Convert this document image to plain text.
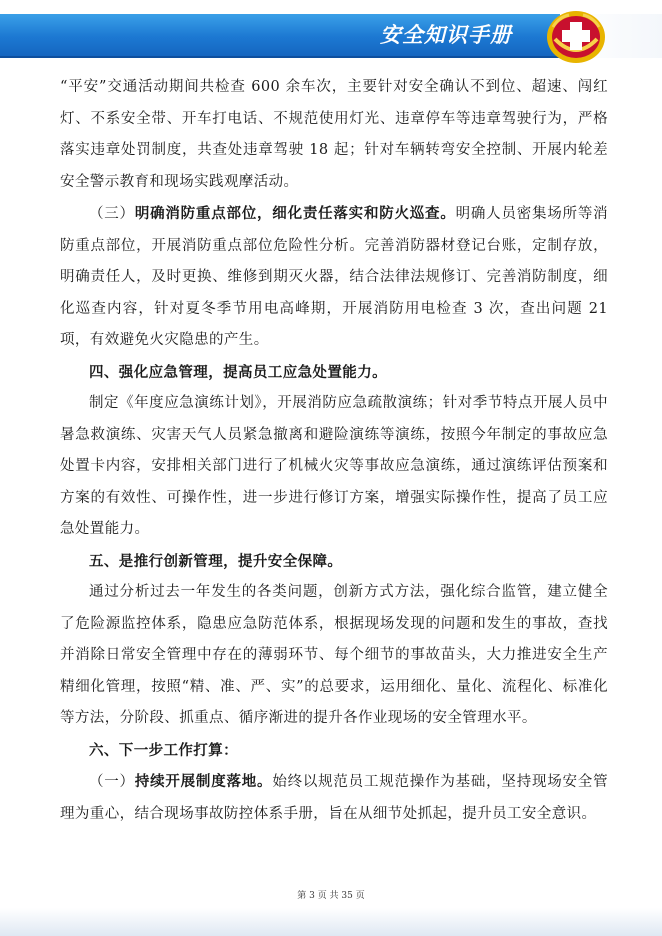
安全知识手册

“平安”交通活动期间共检查 600 余车次，主要针对安全确认不到位、超速、闯红灯、不系安全带、开车打电话、不规范使用灯光、违章停车等违章驾驶行为，严格落实违章处罚制度，共查处违章驾驶 18 起；针对车辆转弯安全控制、开展内轮差安全警示教育和现场实践观摩活动。

（三）明确消防重点部位，细化责任落实和防火巡查。明确人员密集场所等消防重点部位，开展消防重点部位危险性分析。完善消防器材登记台账，定制存放，明确责任人，及时更换、维修到期灭火器，结合法律法规修订、完善消防制度，细化巡查内容，针对夏冬季节用电高峰期，开展消防用电检查 3 次，查出问题 21 项，有效避免火灾隐患的产生。

四、强化应急管理，提高员工应急处置能力。

制定《年度应急演练计划》，开展消防应急疏散演练；针对季节特点开展人员中暑急救演练、灾害天气人员紧急撤离和避险演练等演练，按照今年制定的事故应急处置卡内容，安排相关部门进行了机械火灾等事故应急演练，通过演练评估预案和方案的有效性、可操作性，进一步进行修订方案，增强实际操作性，提高了员工应急处置能力。

五、是推行创新管理，提升安全保障。

通过分析过去一年发生的各类问题，创新方式方法，强化综合监管，建立健全了危险源监控体系，隐患应急防范体系，根据现场发现的问题和发生的事故，查找并消除日常安全管理中存在的薄弱环节、每个细节的事故苗头，大力推进安全生产精细化管理，按照“精、准、严、实”的总要求，运用细化、量化、流程化、标准化等方法，分阶段、抓重点、循序渐进的提升各作业现场的安全管理水平。

六、下一步工作打算：

（一）持续开展制度落地。始终以规范员工规范操作为基础，坚持现场安全管理为重心，结合现场事故防控体系手册，旨在从细节处抓起，提升员工安全意识。

第 3 页 共 35 页
